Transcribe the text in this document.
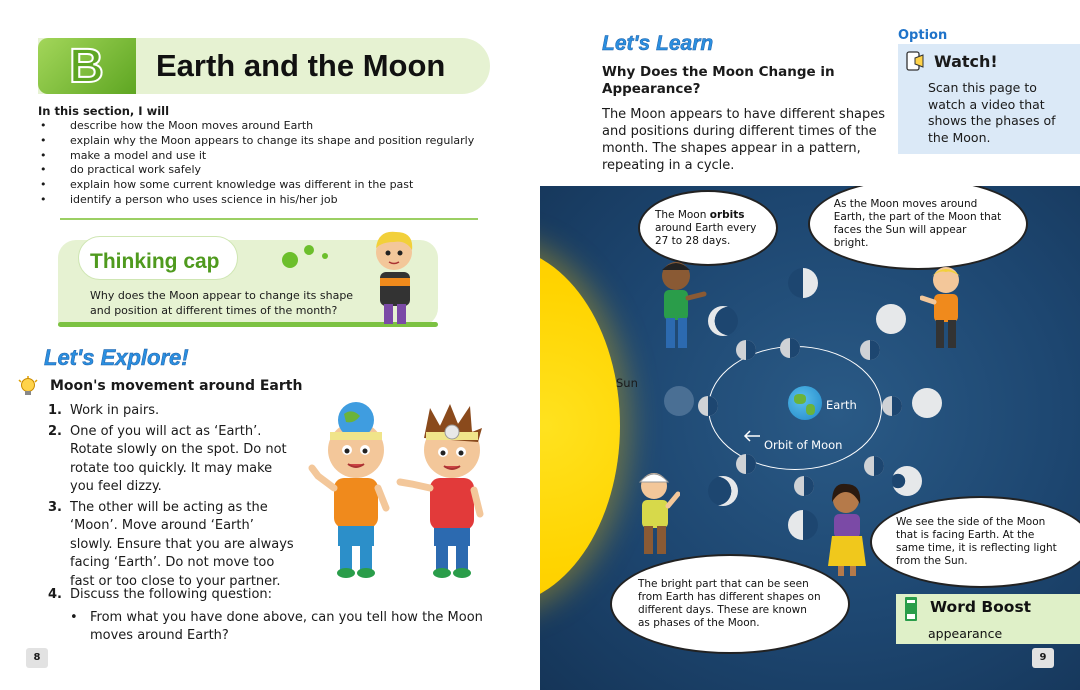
B Earth and the Moon
In this section, I will
• describe how the Moon moves around Earth
• explain why the Moon appears to change its shape and position regularly
• make a model and use it
• do practical work safely
• explain how some current knowledge was different in the past
• identify a person who uses science in his/her job
Thinking cap
Why does the Moon appear to change its shape and position at different times of the month?
Let's Explore!
Moon's movement around Earth
1. Work in pairs.
2. One of you will act as ‘Earth’. Rotate slowly on the spot. Do not rotate too quickly. It may make you feel dizzy.
3. The other will be acting as the ‘Moon’. Move around ‘Earth’ slowly. Ensure that you are always facing ‘Earth’. Do not move too fast or too close to your partner.
4. Discuss the following question:
• From what you have done above, can you tell how the Moon moves around Earth?
8
Let's Learn
Why Does the Moon Change in Appearance?
The Moon appears to have different shapes and positions during different times of the month. The shapes appear in a pattern, repeating in a cycle.
Option
Watch!
Scan this page to watch a video that shows the phases of the Moon.
Sun
Earth
Orbit of Moon
The Moon orbits around Earth every 27 to 28 days.
As the Moon moves around Earth, the part of the Moon that faces the Sun will appear bright.
We see the side of the Moon that is facing Earth. At the same time, it is reflecting light from the Sun.
The bright part that can be seen from Earth has different shapes on different days. These are known as phases of the Moon.
Word Boost
appearance
9
